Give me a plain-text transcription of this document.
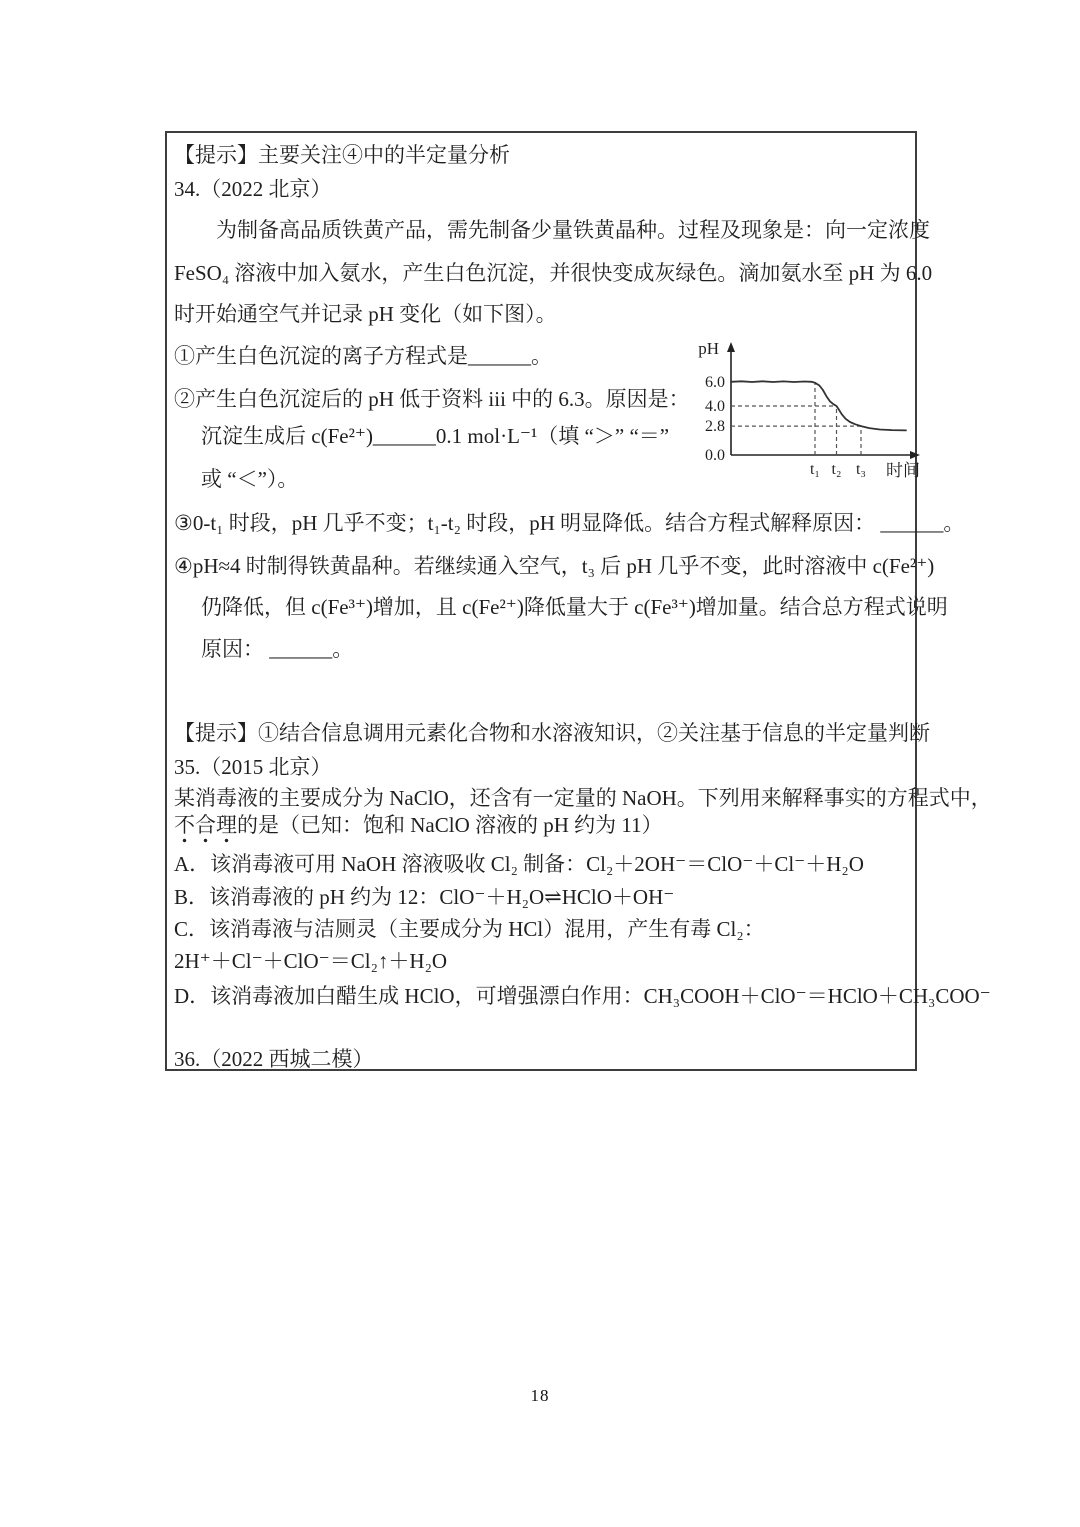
【提示】主要关注④中的半定量分析
34.（2022 北京）
为制备高品质铁黄产品，需先制备少量铁黄晶种。过程及现象是：向一定浓度
FeSO₄ 溶液中加入氨水，产生白色沉淀，并很快变成灰绿色。滴加氨水至 pH 为 6.0
时开始通空气并记录 pH 变化（如下图）。
①产生白色沉淀的离子方程式是______。
②产生白色沉淀后的 pH 低于资料 iii 中的 6.3。原因是：
沉淀生成后 c(Fe²⁺)______0.1 mol·L⁻¹（填 “＞” “＝”
或 “＜”）。
③0-t₁ 时段，pH 几乎不变；t₁-t₂ 时段，pH 明显降低。结合方程式解释原因： ______。
④pH≈4 时制得铁黄晶种。若继续通入空气，t₃ 后 pH 几乎不变，此时溶液中 c(Fe²⁺)
仍降低，但 c(Fe³⁺)增加，且 c(Fe²⁺)降低量大于 c(Fe³⁺)增加量。结合总方程式说明
原因： ______。
【提示】①结合信息调用元素化合物和水溶液知识，②关注基于信息的半定量判断
35.（2015 北京）
某消毒液的主要成分为 NaClO，还含有一定量的 NaOH。下列用来解释事实的方程式中，
不合理的是（已知：饱和 NaClO 溶液的 pH 约为 11）
A．该消毒液可用 NaOH 溶液吸收 Cl₂ 制备：Cl₂＋2OH⁻＝ClO⁻＋Cl⁻＋H₂O
B．该消毒液的 pH 约为 12：ClO⁻＋H₂O⇌HClO＋OH⁻
C．该消毒液与洁厕灵（主要成分为 HCl）混用，产生有毒 Cl₂：
2H⁺＋Cl⁻＋ClO⁻＝Cl₂↑＋H₂O
D．该消毒液加白醋生成 HClO，可增强漂白作用：CH₃COOH＋ClO⁻＝HClO＋CH₃COO⁻
36.（2022 西城二模）
6.0
4.0
2.8
0.0
t₁ t₂ t₃
pH
时间
18
